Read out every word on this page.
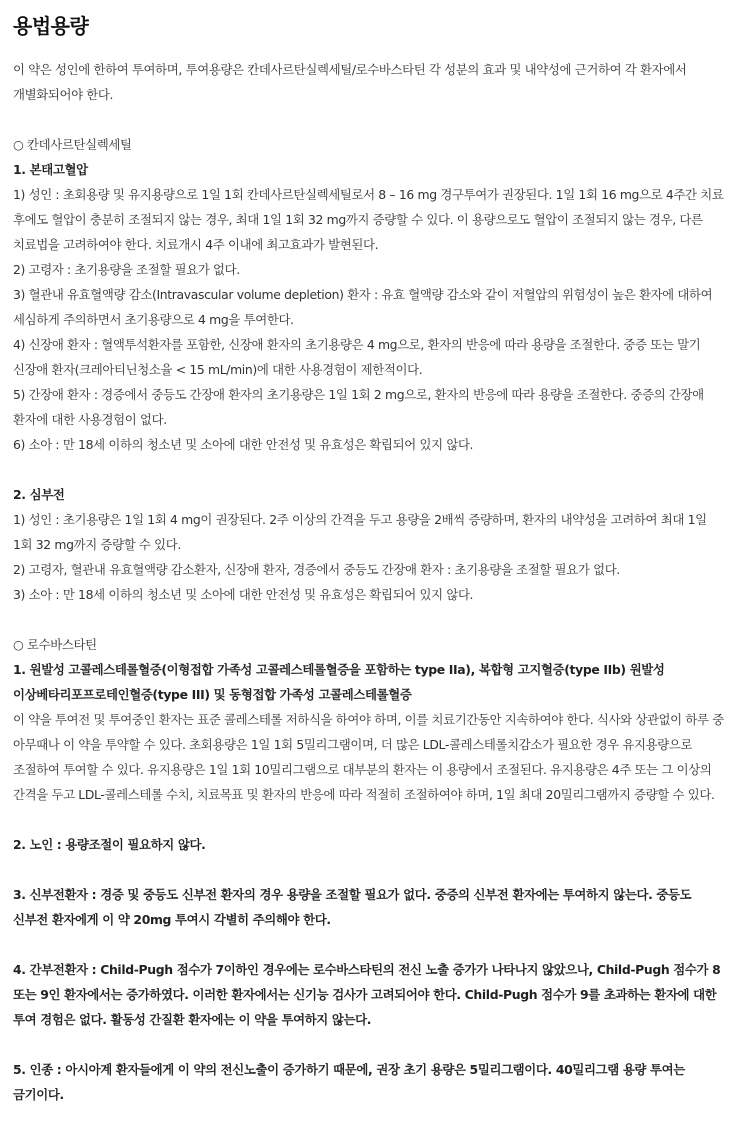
용법용량

이 약은 성인에 한하여 투여하며, 투여용량은 칸데사르탄실렉세틸/로수바스타틴 각 성분의 효과 및 내약성에 근거하여 각 환자에서 개별화되어야 한다.

○ 칸데사르탄실렉세틸
1. 본태고혈압
1) 성인 : 초회용량 및 유지용량으로 1일 1회 칸데사르탄실렉세틸로서 8 – 16 mg 경구투여가 권장된다. 1일 1회 16 mg으로 4주간 치료 후에도 혈압이 충분히 조절되지 않는 경우, 최대 1일 1회 32 mg까지 증량할 수 있다. 이 용량으로도 혈압이 조절되지 않는 경우, 다른 치료법을 고려하여야 한다. 치료개시 4주 이내에 최고효과가 발현된다.
2) 고령자 : 초기용량을 조절할 필요가 없다.
3) 혈관내 유효혈액량 감소(Intravascular volume depletion) 환자 : 유효 혈액량 감소와 같이 저혈압의 위험성이 높은 환자에 대하여 세심하게 주의하면서 초기용량으로 4 mg을 투여한다.
4) 신장애 환자 : 혈액투석환자를 포함한, 신장애 환자의 초기용량은 4 mg으로, 환자의 반응에 따라 용량을 조절한다. 중증 또는 말기 신장애 환자(크레아티닌청소율 < 15 mL/min)에 대한 사용경험이 제한적이다.
5) 간장애 환자 : 경증에서 중등도 간장애 환자의 초기용량은 1일 1회 2 mg으로, 환자의 반응에 따라 용량을 조절한다. 중증의 간장애 환자에 대한 사용경험이 없다.
6) 소아 : 만 18세 이하의 청소년 및 소아에 대한 안전성 및 유효성은 확립되어 있지 않다.
2. 심부전
1) 성인 : 초기용량은 1일 1회 4 mg이 권장된다. 2주 이상의 간격을 두고 용량을 2배씩 증량하며, 환자의 내약성을 고려하여 최대 1일 1회 32 mg까지 증량할 수 있다.
2) 고령자, 혈관내 유효혈액량 감소환자, 신장애 환자, 경증에서 중등도 간장애 환자 : 초기용량을 조절할 필요가 없다.
3) 소아 : 만 18세 이하의 청소년 및 소아에 대한 안전성 및 유효성은 확립되어 있지 않다.
○ 로수바스타틴
1. 원발성 고콜레스테롤혈증(이형접합 가족성 고콜레스테롤혈증을 포함하는 type IIa), 복합형 고지혈증(type IIb) 원발성 이상베타리포프로테인혈증(type III) 및 동형접합 가족성 고콜레스테롤혈증
이 약을 투여전 및 투여중인 환자는 표준 콜레스테롤 저하식을 하여야 하며, 이를 치료기간동안 지속하여야 한다. 식사와 상관없이 하루 중 아무때나 이 약을 투약할 수 있다. 초회용량은 1일 1회 5밀리그램이며, 더 많은 LDL-콜레스테롤치감소가 필요한 경우 유지용량으로 조절하여 투여할 수 있다. 유지용량은 1일 1회 10밀리그램으로 대부분의 환자는 이 용량에서 조절된다. 유지용량은 4주 또는 그 이상의 간격을 두고 LDL-콜레스테롤 수치, 치료목표 및 환자의 반응에 따라 적절히 조절하여야 하며, 1일 최대 20밀리그램까지 증량할 수 있다.
2. 노인 : 용량조절이 필요하지 않다.
3. 신부전환자 : 경증 및 중등도 신부전 환자의 경우 용량을 조절할 필요가 없다. 중증의 신부전 환자에는 투여하지 않는다. 중등도 신부전 환자에게 이 약 20mg 투여시 각별히 주의해야 한다.
4. 간부전환자 : Child-Pugh 점수가 7이하인 경우에는 로수바스타틴의 전신 노출 증가가 나타나지 않았으나, Child-Pugh 점수가 8 또는 9인 환자에서는 증가하였다. 이러한 환자에서는 신기능 검사가 고려되어야 한다. Child-Pugh 점수가 9를 초과하는 환자에 대한 투여 경험은 없다. 활동성 간질환 환자에는 이 약을 투여하지 않는다.
5. 인종 : 아시아계 환자들에게 이 약의 전신노출이 증가하기 때문에, 권장 초기 용량은 5밀리그램이다. 40밀리그램 용량 투여는 금기이다.
